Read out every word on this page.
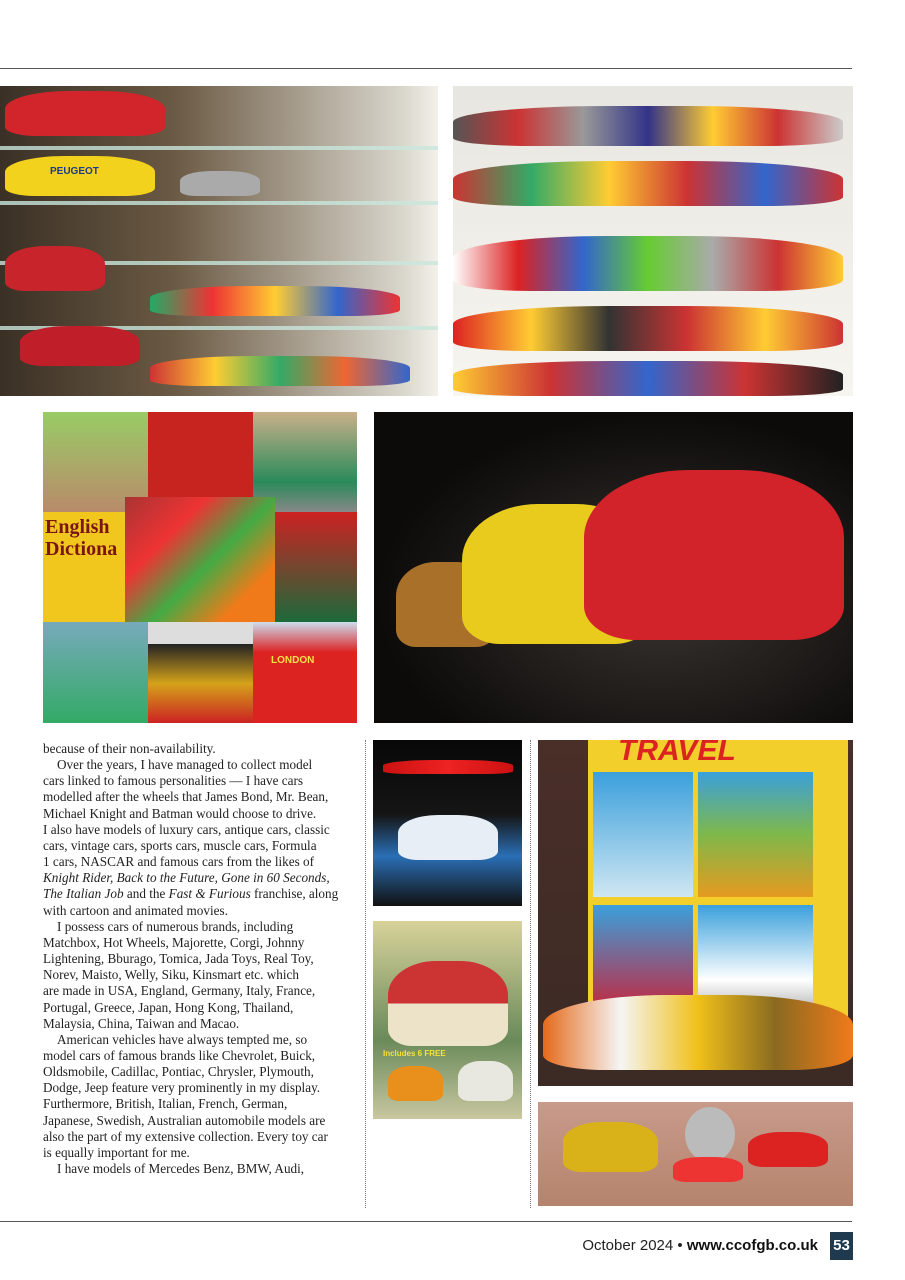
PEUGEOT
English
Dictiona
LONDON
because of their non-availability.
Over the years, I have managed to collect model
cars linked to famous personalities — I have cars
modelled after the wheels that James Bond, Mr. Bean,
Michael Knight and Batman would choose to drive.
I also have models of luxury cars, antique cars, classic
cars, vintage cars, sports cars, muscle cars, Formula
1 cars, NASCAR and famous cars from the likes of
Knight Rider, Back to the Future, Gone in 60 Seconds,
The Italian Job and the Fast & Furious franchise, along
with cartoon and animated movies.
I possess cars of numerous brands, including
Matchbox, Hot Wheels, Majorette, Corgi, Johnny
Lightening, Bburago, Tomica, Jada Toys, Real Toy,
Norev, Maisto, Welly, Siku, Kinsmart etc. which
are made in USA, England, Germany, Italy, France,
Portugal, Greece, Japan, Hong Kong, Thailand,
Malaysia, China, Taiwan and Macao.
American vehicles have always tempted me, so
model cars of famous brands like Chevrolet, Buick,
Oldsmobile, Cadillac, Pontiac, Chrysler, Plymouth,
Dodge, Jeep feature very prominently in my display.
Furthermore, British, Italian, French, German,
Japanese, Swedish, Australian automobile models are
also the part of my extensive collection. Every toy car
is equally important for me.
I have models of Mercedes Benz, BMW, Audi,
Includes 6 FREE
TRAVEL
October 2024 • www.ccofgb.co.uk 53
